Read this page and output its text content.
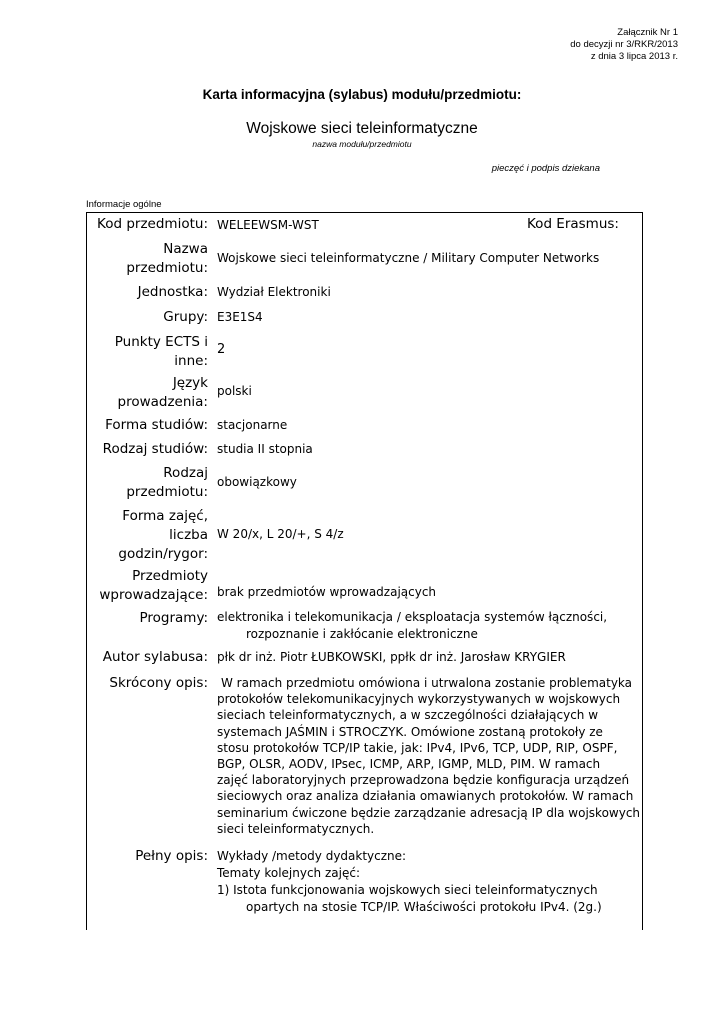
Załącznik Nr 1
do decyzji nr 3/RKR/2013
z dnia 3 lipca 2013 r.
Karta informacyjna (sylabus) modułu/przedmiotu:
Wojskowe sieci teleinformatyczne
nazwa modułu/przedmiotu
pieczęć i podpis dziekana
Informacje ogólne
Kod przedmiotu: WELEEWSM-WST	Kod Erasmus:
Nazwa
przedmiotu:
Wojskowe sieci teleinformatyczne / Military Computer Networks
Jednostka: Wydział Elektroniki
Grupy: E3E1S4
Punkty ECTS i
inne:
2
Język
prowadzenia:
polski
Forma studiów: stacjonarne
Rodzaj studiów: studia II stopnia
Rodzaj
przedmiotu:
obowiązkowy
Forma zajęć,
liczba
godzin/rygor:
W 20/x, L 20/+, S 4/z
Przedmioty
wprowadzające: brak przedmiotów wprowadzających
Programy: elektronika i telekomunikacja / eksploatacja systemów łączności,
rozpoznanie i zakłócanie elektroniczne
Autor sylabusa: płk dr inż. Piotr ŁUBKOWSKI, ppłk dr inż. Jarosław KRYGIER
Skrócony opis:	W ramach przedmiotu omówiona i utrwalona zostanie problematyka
protokołów telekomunikacyjnych wykorzystywanych w wojskowych
sieciach teleinformatycznych, a w szczególności działających w
systemach JAŚMIN i STROCZYK. Omówione zostaną protokoły ze
stosu protokołów TCP/IP takie, jak: IPv4, IPv6, TCP, UDP, RIP, OSPF,
BGP, OLSR, AODV, IPsec, ICMP, ARP, IGMP, MLD, PIM. W ramach
zajęć laboratoryjnych przeprowadzona będzie konfiguracja urządzeń
sieciowych oraz analiza działania omawianych protokołów. W ramach
seminarium ćwiczone będzie zarządzanie adresacją IP dla wojskowych
sieci teleinformatycznych.
Pełny opis: Wykłady /metody dydaktyczne:
Tematy kolejnych zajęć:
1) Istota funkcjonowania wojskowych sieci teleinformatycznych
opartych na stosie TCP/IP. Właściwości protokołu IPv4. (2g.)
